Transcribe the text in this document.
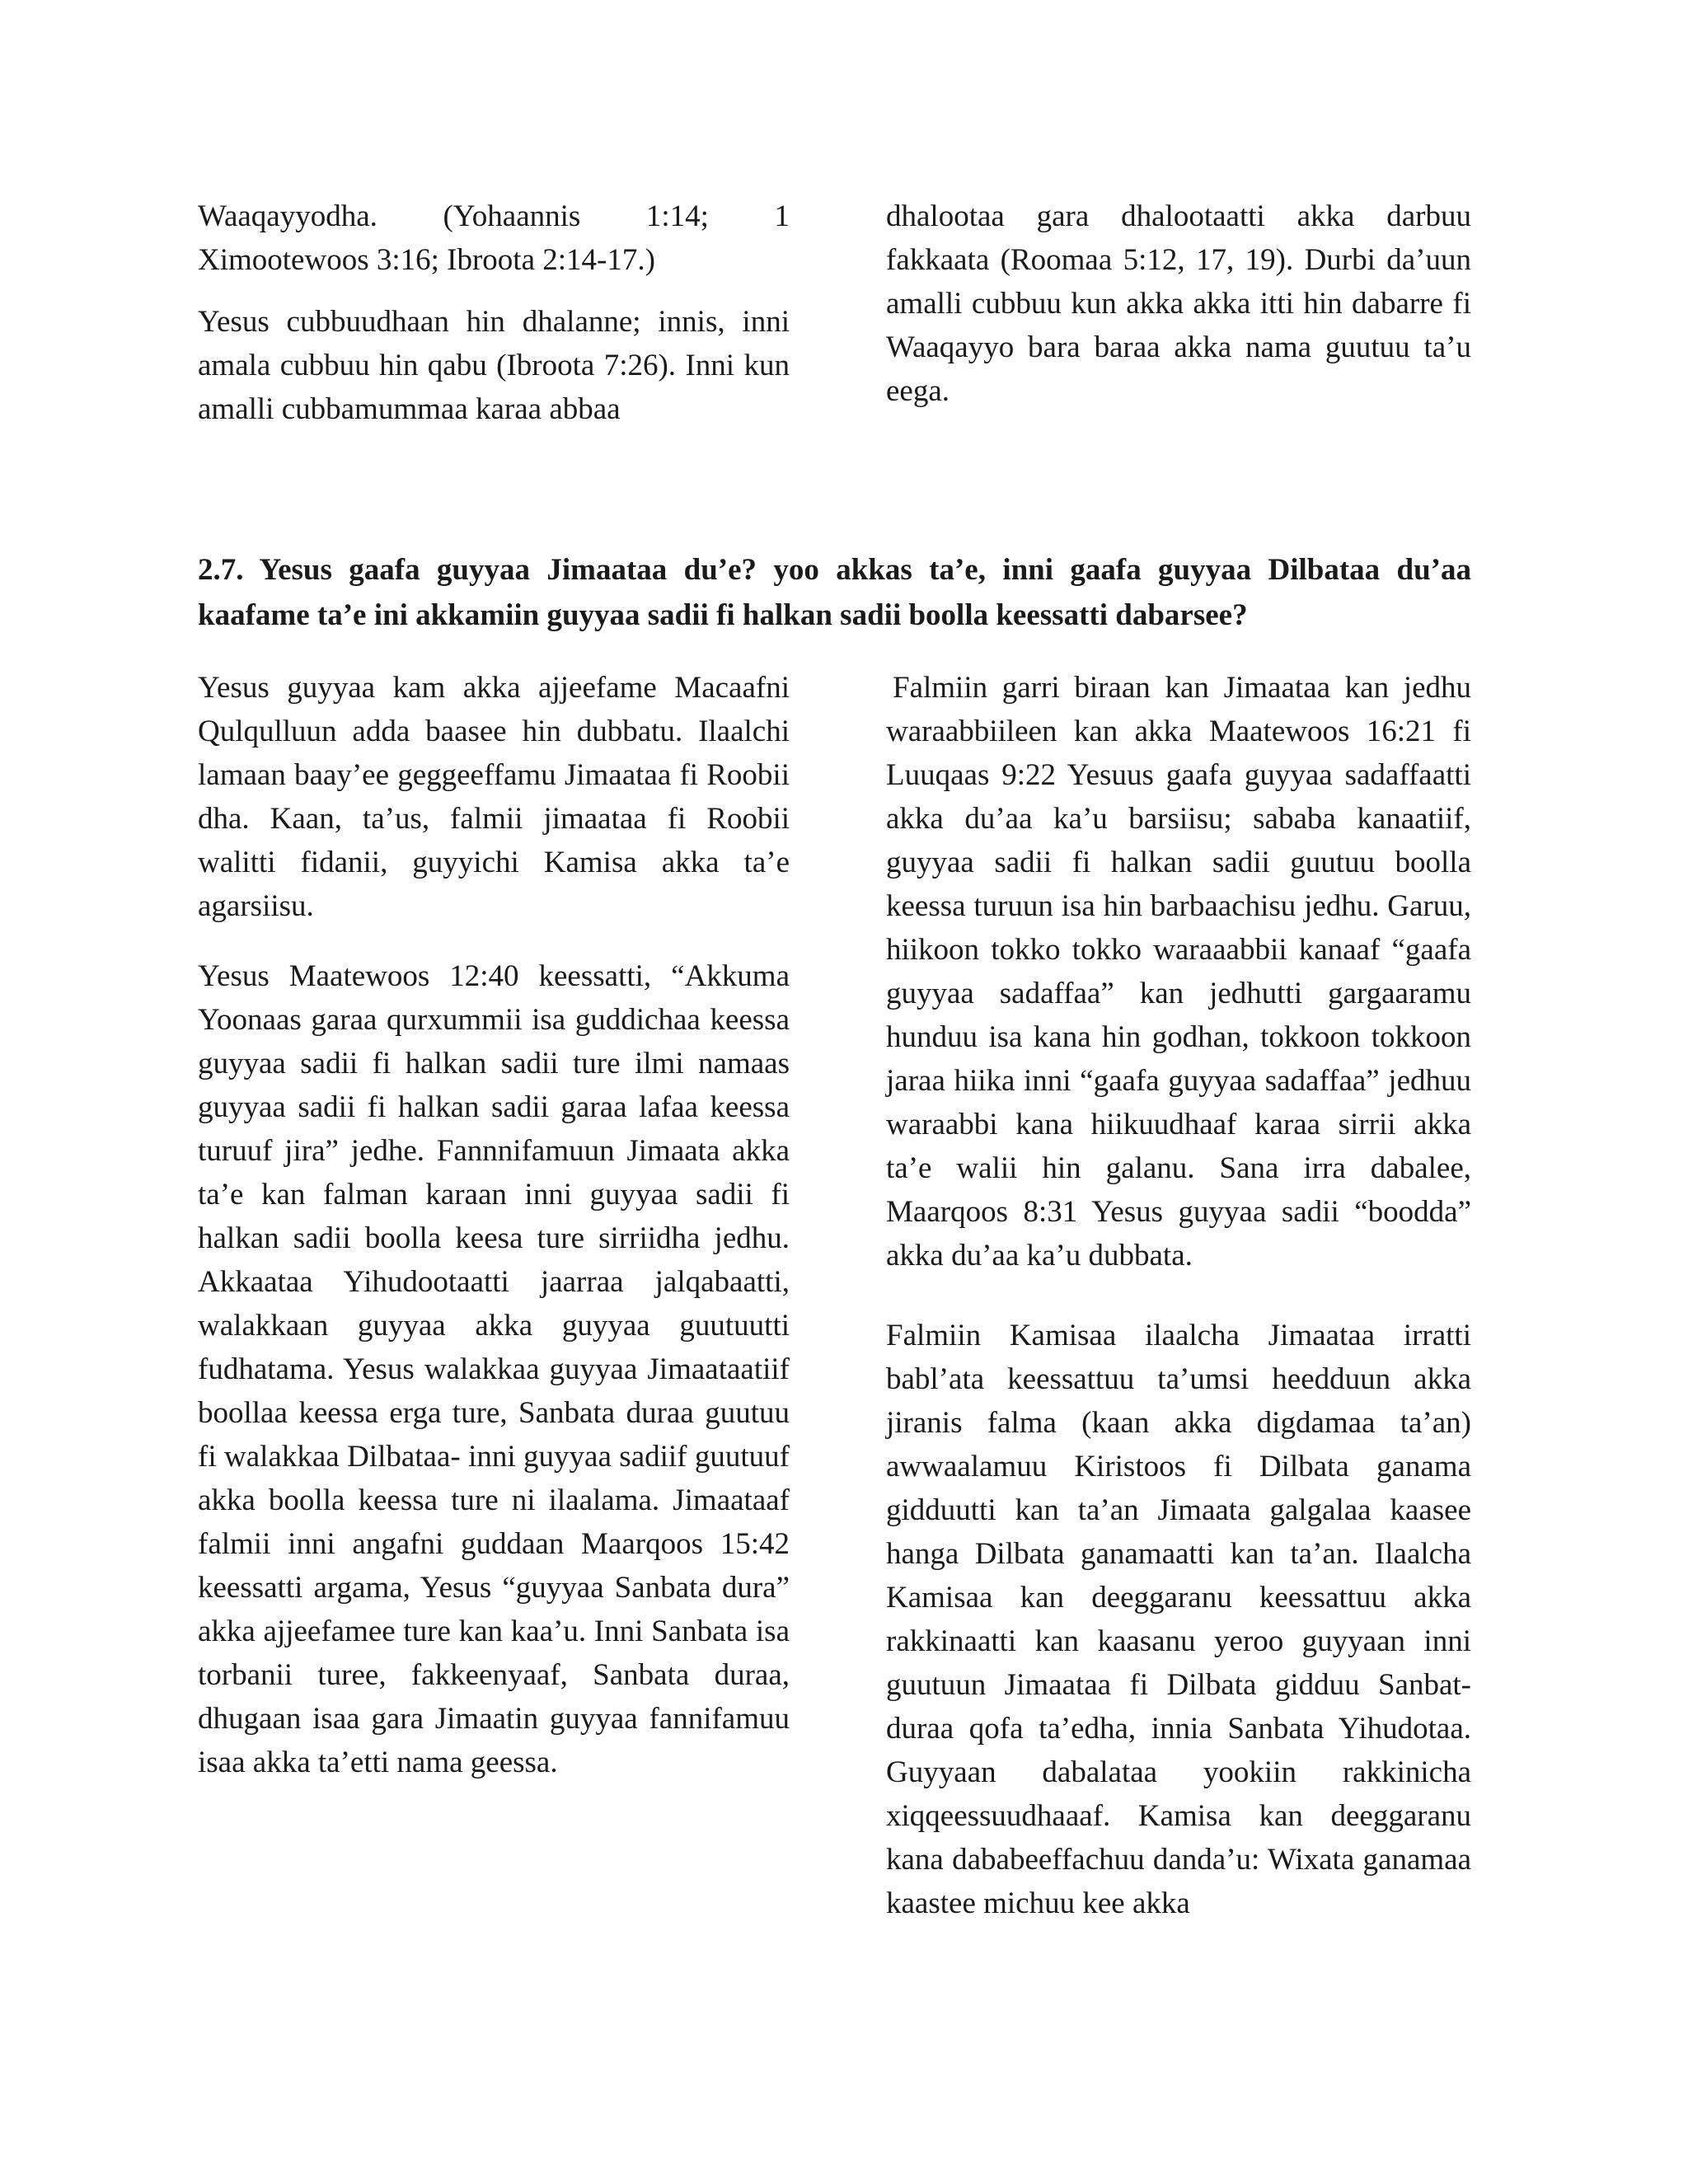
Waaqayyodha. (Yohaannis 1:14; 1 Ximootewoos 3:16; Ibroota 2:14-17.)

Yesus cubbuudhaan hin dhalanne; innis, inni amala cubbuu hin qabu (Ibroota 7:26). Inni kun amalli cubbamummaa karaa abbaa

dhalootaa gara dhalootaatti akka darbuu fakkaata (Roomaa 5:12, 17, 19). Durbi da’uun amalli cubbuu kun akka akka itti hin dabarre fi Waaqayyo bara baraa akka nama guutuu ta’u eega.

2.7. Yesus gaafa guyyaa Jimaataa du’e? yoo akkas ta’e, inni gaafa guyyaa Dilbataa du’aa kaafame ta’e ini akkamiin guyyaa sadii fi halkan sadii boolla keessatti dabarsee?

Yesus guyyaa kam akka ajjeefame Macaafni Qulqulluun adda baasee hin dubbatu. Ilaalchi lamaan baay’ee geggeeffamu Jimaataa fi Roobii dha. Kaan, ta’us, falmii jimaataa fi Roobii walitti fidanii, guyyichi Kamisa akka ta’e agarsiisu.

Yesus Maatewoos 12:40 keessatti, “Akkuma Yoonaas garaa qurxummii isa guddichaa keessa guyyaa sadii fi halkan sadii ture ilmi namaas guyyaa sadii fi halkan sadii garaa lafaa keessa turuuf jira” jedhe. Fannnifamuun Jimaata akka ta’e kan falman karaan inni guyyaa sadii fi halkan sadii boolla keesa ture sirriidha jedhu. Akkaataa Yihudootaatti jaarraa jalqabaatti, walakkaan guyyaa akka guyyaa guutuutti fudhatama. Yesus walakkaa guyyaa Jimaataatiif boollaa keessa erga ture, Sanbata duraa guutuu fi walakkaa Dilbataa- inni guyyaa sadiif guutuuf akka boolla keessa ture ni ilaalama. Jimaataaf falmii inni angafni guddaan Maarqoos 15:42 keessatti argama, Yesus “guyyaa Sanbata dura” akka ajjeefamee ture kan kaa’u. Inni Sanbata isa torbanii turee, fakkeenyaaf, Sanbata duraa, dhugaan isaa gara Jimaatin guyyaa fannifamuu isaa akka ta’etti nama geessa.

Falmiin garri biraan kan Jimaataa kan jedhu waraabbiileen kan akka Maatewoos 16:21 fi Luuqaas 9:22 Yesuus gaafa guyyaa sadaffaatti akka du’aa ka’u barsiisu; sababa kanaatiif, guyyaa sadii fi halkan sadii guutuu boolla keessa turuun isa hin barbaachisu jedhu. Garuu, hiikoon tokko tokko waraaabbii kanaaf “gaafa guyyaa sadaffaa” kan jedhutti gargaaramu hunduu isa kana hin godhan, tokkoon tokkoon jaraa hiika inni “gaafa guyyaa sadaffaa” jedhuu waraabbi kana hiikuudhaaf karaa sirrii akka ta’e walii hin galanu. Sana irra dabalee, Maarqoos 8:31 Yesus guyyaa sadii “boodda” akka du’aa ka’u dubbata.

Falmiin Kamisaa ilaalcha Jimaataa irratti babl’ata keessattuu ta’umsi heedduun akka jiranis falma (kaan akka digdamaa ta’an) awwaalamuu Kiristoos fi Dilbata ganama gidduutti kan ta’an Jimaata galgalaa kaasee hanga Dilbata ganamaatti kan ta’an. Ilaalcha Kamisaa kan deeggaranu keessattuu akka rakkinaatti kan kaasanu yeroo guyyaan inni guutuun Jimaataa fi Dilbata gidduu Sanbat-duraa qofa ta’edha, innia Sanbata Yihudotaa. Guyyaan dabalataa yookiin rakkinicha xiqqeessuudhaaaf. Kamisa kan deeggaranu kana dababeeffachuu danda’u: Wixata ganamaa kaastee michuu kee akka
